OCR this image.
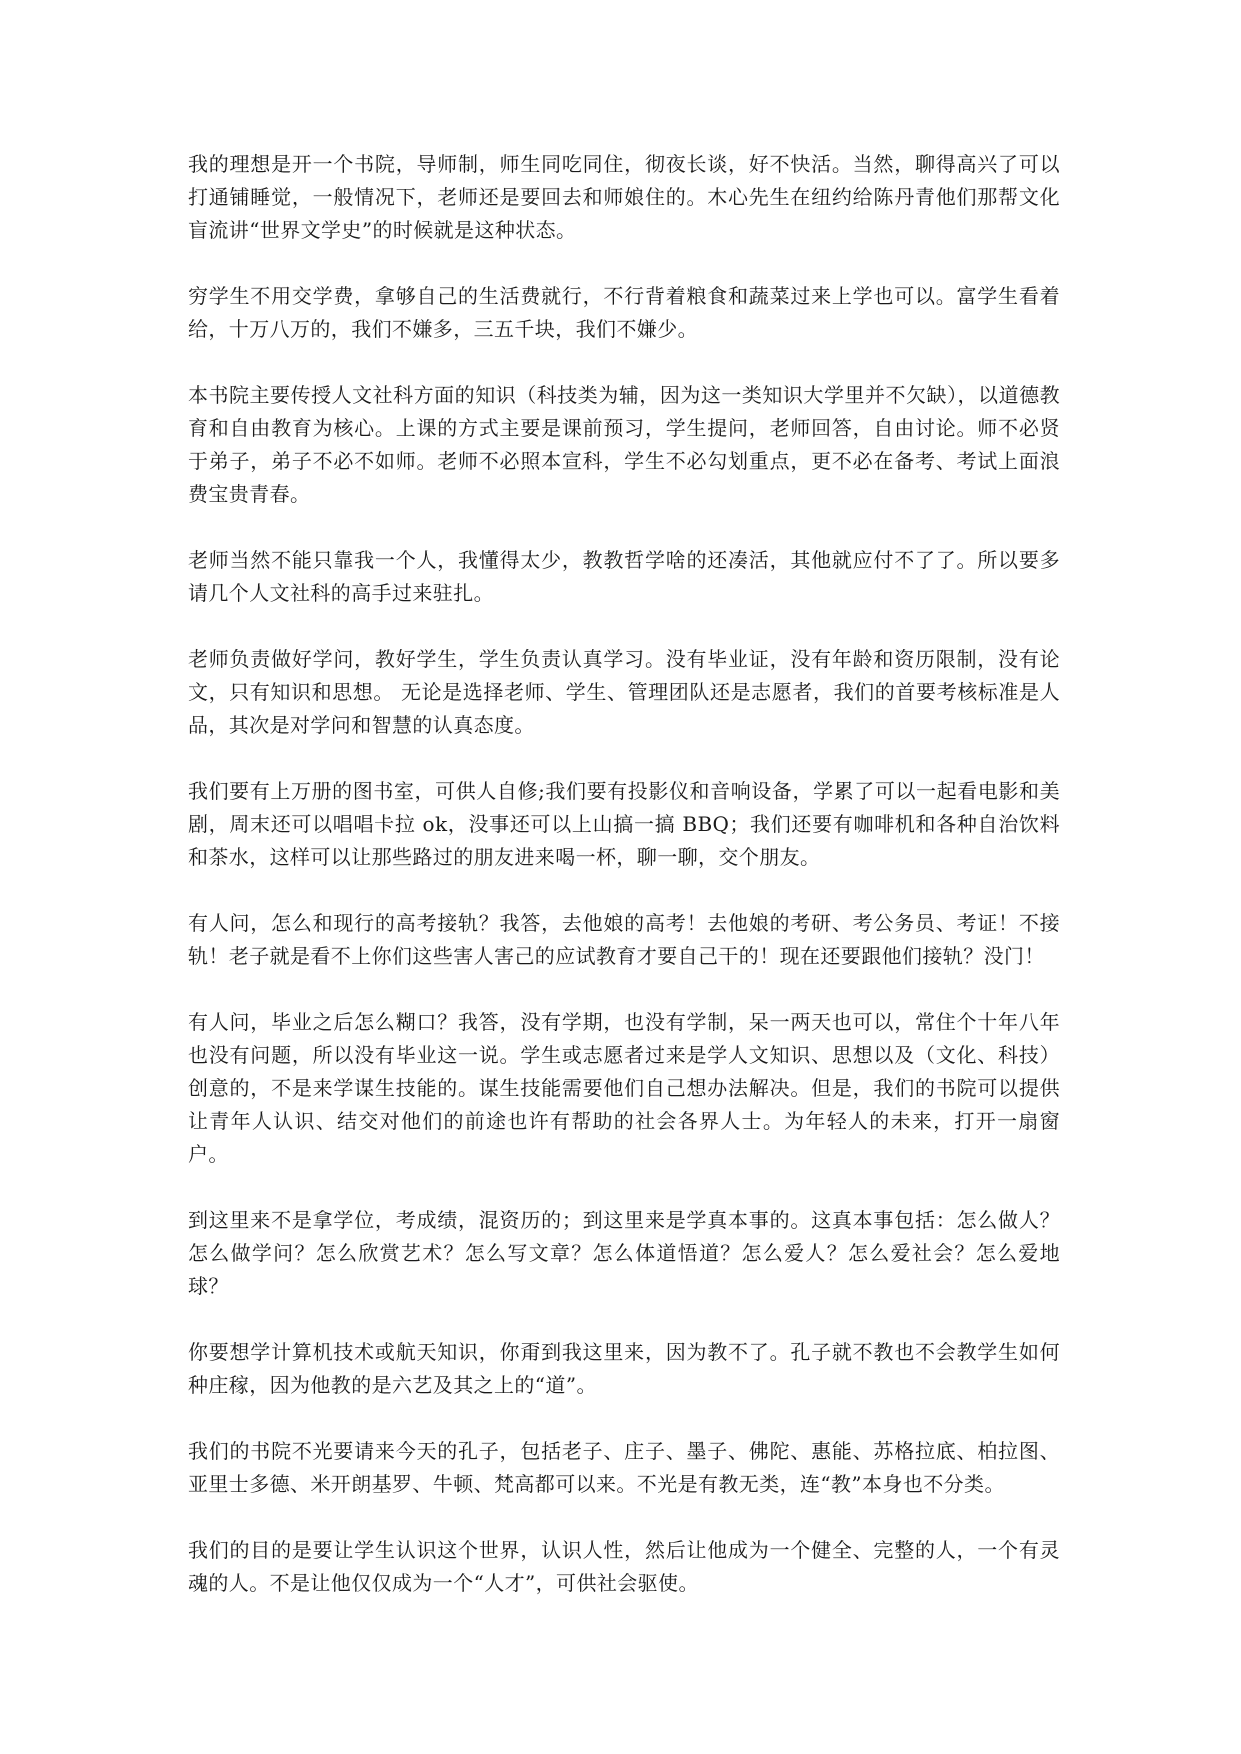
我的理想是开一个书院，导师制，师生同吃同住，彻夜长谈，好不快活。当然，聊得高兴了可以打通铺睡觉，一般情况下，老师还是要回去和师娘住的。木心先生在纽约给陈丹青他们那帮文化盲流讲“世界文学史”的时候就是这种状态。

穷学生不用交学费，拿够自己的生活费就行，不行背着粮食和蔬菜过来上学也可以。富学生看着给，十万八万的，我们不嫌多，三五千块，我们不嫌少。

本书院主要传授人文社科方面的知识（科技类为辅，因为这一类知识大学里并不欠缺），以道德教育和自由教育为核心。上课的方式主要是课前预习，学生提问，老师回答，自由讨论。师不必贤于弟子，弟子不必不如师。老师不必照本宣科，学生不必勾划重点，更不必在备考、考试上面浪费宝贵青春。

老师当然不能只靠我一个人，我懂得太少，教教哲学啥的还凑活，其他就应付不了了。所以要多请几个人文社科的高手过来驻扎。

老师负责做好学问，教好学生，学生负责认真学习。没有毕业证，没有年龄和资历限制，没有论文，只有知识和思想。 无论是选择老师、学生、管理团队还是志愿者，我们的首要考核标准是人品，其次是对学问和智慧的认真态度。

我们要有上万册的图书室，可供人自修;我们要有投影仪和音响设备，学累了可以一起看电影和美剧，周末还可以唱唱卡拉 ok，没事还可以上山搞一搞 BBQ；我们还要有咖啡机和各种自治饮料和茶水，这样可以让那些路过的朋友进来喝一杯，聊一聊，交个朋友。

有人问，怎么和现行的高考接轨？我答，去他娘的高考！去他娘的考研、考公务员、考证！不接轨！老子就是看不上你们这些害人害己的应试教育才要自己干的！现在还要跟他们接轨？没门！

有人问，毕业之后怎么糊口？我答，没有学期，也没有学制，呆一两天也可以，常住个十年八年也没有问题，所以没有毕业这一说。学生或志愿者过来是学人文知识、思想以及（文化、科技）创意的，不是来学谋生技能的。谋生技能需要他们自己想办法解决。但是，我们的书院可以提供让青年人认识、结交对他们的前途也许有帮助的社会各界人士。为年轻人的未来，打开一扇窗户。

到这里来不是拿学位，考成绩，混资历的；到这里来是学真本事的。这真本事包括：怎么做人？怎么做学问？怎么欣赏艺术？怎么写文章？怎么体道悟道？怎么爱人？怎么爱社会？怎么爱地球？

你要想学计算机技术或航天知识，你甭到我这里来，因为教不了。孔子就不教也不会教学生如何种庄稼，因为他教的是六艺及其之上的“道”。

我们的书院不光要请来今天的孔子，包括老子、庄子、墨子、佛陀、惠能、苏格拉底、柏拉图、亚里士多德、米开朗基罗、牛顿、梵高都可以来。不光是有教无类，连“教”本身也不分类。

我们的目的是要让学生认识这个世界，认识人性，然后让他成为一个健全、完整的人，一个有灵魂的人。不是让他仅仅成为一个“人才”，可供社会驱使。
